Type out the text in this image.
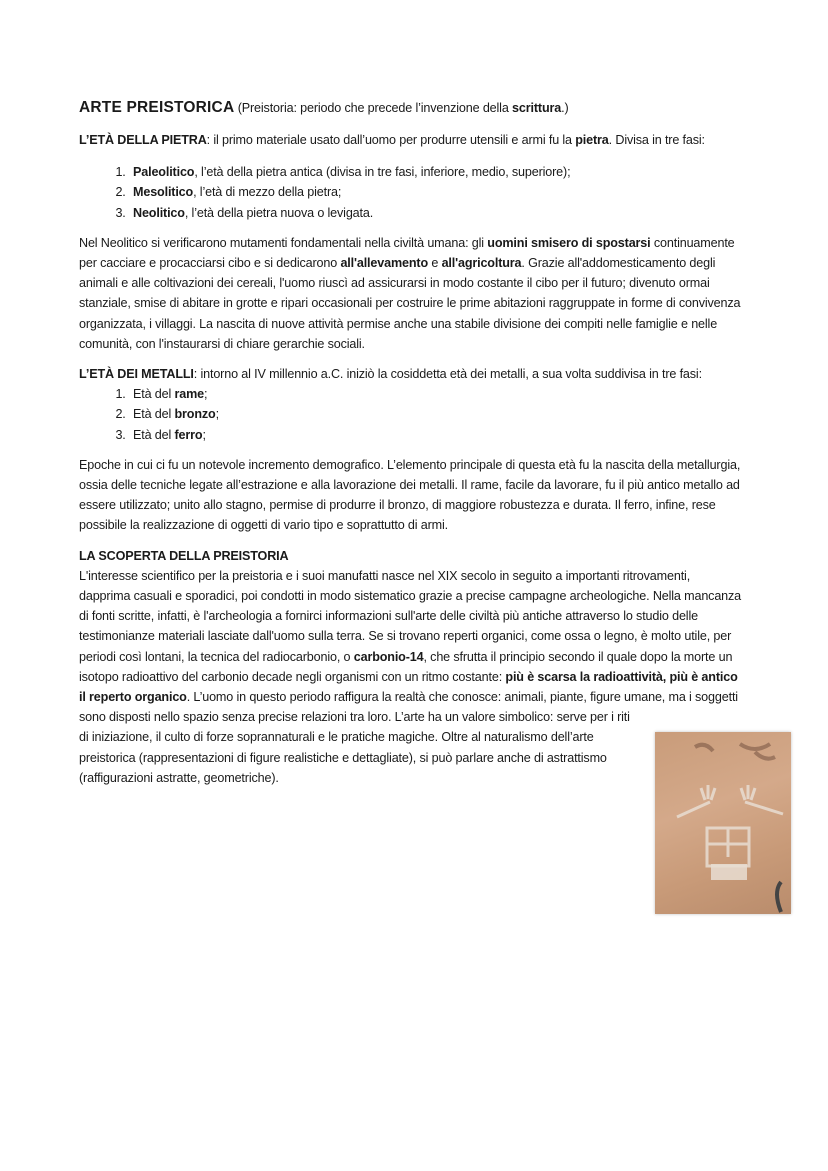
ARTE PREISTORICA (Preistoria: periodo che precede l’invenzione della scrittura.)

L’ETÀ DELLA PIETRA: il primo materiale usato dall’uomo per produrre utensili e armi fu la pietra. Divisa in tre fasi:

1. Paleolitico, l’età della pietra antica (divisa in tre fasi, inferiore, medio, superiore);
2. Mesolitico, l’età di mezzo della pietra;
3. Neolitico, l’età della pietra nuova o levigata.

Nel Neolitico si verificarono mutamenti fondamentali nella civiltà umana: gli uomini smisero di spostarsi continuamente per cacciare e procacciarsi cibo e si dedicarono all'allevamento e all'agricoltura. Grazie all'addomesticamento degli animali e alle coltivazioni dei cereali, l'uomo riuscì ad assicurarsi in modo costante il cibo per il futuro; divenuto ormai stanziale, smise di abitare in grotte e ripari occasionali per costruire le prime abitazioni raggruppate in forme di convivenza organizzata, i villaggi. La nascita di nuove attività permise anche una stabile divisione dei compiti nelle famiglie e nelle comunità, con l'instaurarsi di chiare gerarchie sociali.

L’ETÀ DEI METALLI: intorno al IV millennio a.C. iniziò la cosiddetta età dei metalli, a sua volta suddivisa in tre fasi:

1. Età del rame;
2. Età del bronzo;
3. Età del ferro;

Epoche in cui ci fu un notevole incremento demografico. L’elemento principale di questa età fu la nascita della metallurgia, ossia delle tecniche legate all’estrazione e alla lavorazione dei metalli. Il rame, facile da lavorare, fu il più antico metallo ad essere utilizzato; unito allo stagno, permise di produrre il bronzo, di maggiore robustezza e durata. Il ferro, infine, rese possibile la realizzazione di oggetti di vario tipo e soprattutto di armi.

LA SCOPERTA DELLA PREISTORIA

L'interesse scientifico per la preistoria e i suoi manufatti nasce nel XIX secolo in seguito a importanti ritrovamenti, dapprima casuali e sporadici, poi condotti in modo sistematico grazie a precise campagne archeologiche. Nella mancanza di fonti scritte, infatti, è l'archeologia a fornirci informazioni sull'arte delle civiltà più antiche attraverso lo studio delle testimonianze materiali lasciate dall'uomo sulla terra. Se si trovano reperti organici, come ossa o legno, è molto utile, per periodi così lontani, la tecnica del radiocarbonio, o carbonio-14, che sfrutta il principio secondo il quale dopo la morte un isotopo radioattivo del carbonio decade negli organismi con un ritmo costante: più è scarsa la radioattività, più è antico il reperto organico. L’uomo in questo periodo raffigura la realtà che conosce: animali, piante, figure umane, ma i soggetti sono disposti nello spazio senza precise relazioni tra loro. L’arte ha un valore simbolico: serve per i riti di iniziazione, il culto di forze soprannaturali e le pratiche magiche. Oltre al naturalismo dell’arte preistorica (rappresentazioni di figure realistiche e dettagliate), si può parlare anche di astrattismo (raffigurazioni astratte, geometriche).
